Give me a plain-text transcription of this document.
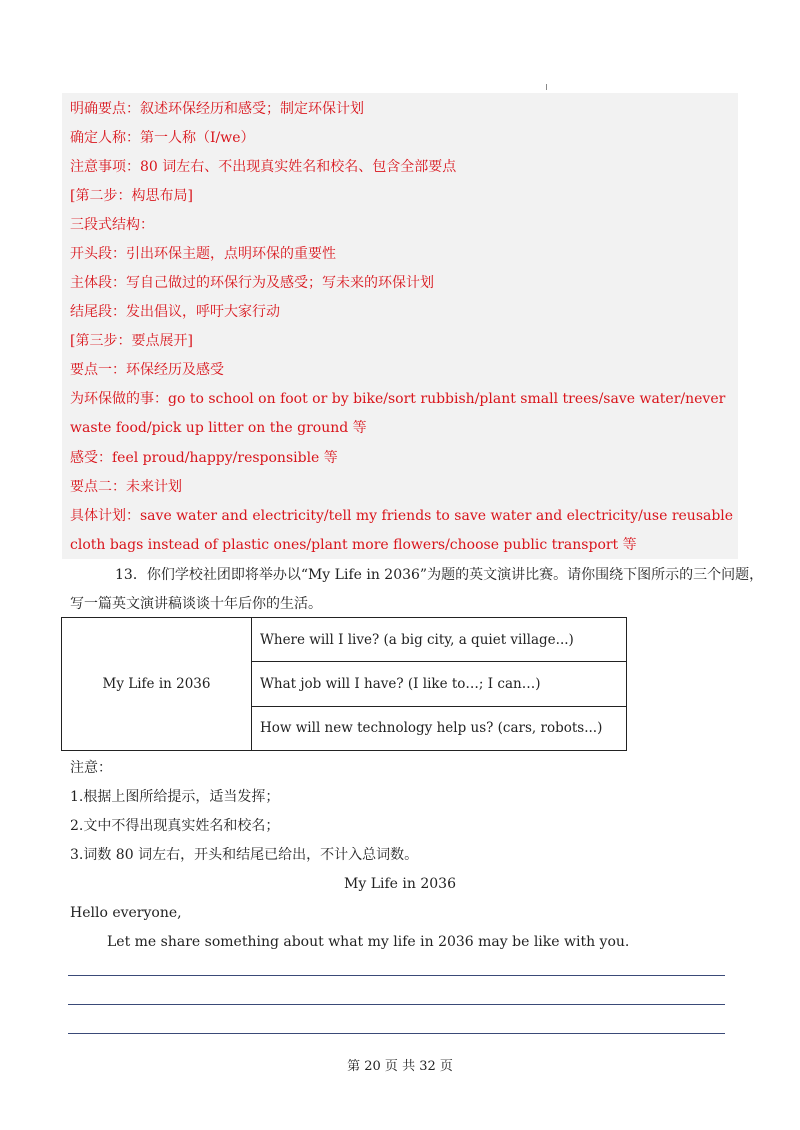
明确要点：叙述环保经历和感受；制定环保计划
确定人称：第一人称（I/we）
注意事项：80 词左右、不出现真实姓名和校名、包含全部要点
[第二步：构思布局]
三段式结构：
开头段：引出环保主题，点明环保的重要性
主体段：写自己做过的环保行为及感受；写未来的环保计划
结尾段：发出倡议，呼吁大家行动
[第三步：要点展开]
要点一：环保经历及感受
为环保做的事：go to school on foot or by bike/sort rubbish/plant small trees/save water/never waste food/pick up litter on the ground 等
感受：feel proud/happy/responsible 等
要点二：未来计划
具体计划：save water and electricity/tell my friends to save water and electricity/use reusable cloth bags instead of plastic ones/plant more flowers/choose public transport 等
13．你们学校社团即将举办以“My Life in 2036”为题的英文演讲比赛。请你围绕下图所示的三个问题，
写一篇英文演讲稿谈谈十年后你的生活。
My Life in 2036	Where will I live? (a big city, a quiet village...)
What job will I have? (I like to…; I can…)
How will new technology help us? (cars, robots...)
注意：
1.根据上图所给提示，适当发挥；
2.文中不得出现真实姓名和校名；
3.词数 80 词左右，开头和结尾已给出，不计入总词数。
My Life in 2036
Hello everyone,
Let me share something about what my life in 2036 may be like with you.
第 20 页 共 32 页
